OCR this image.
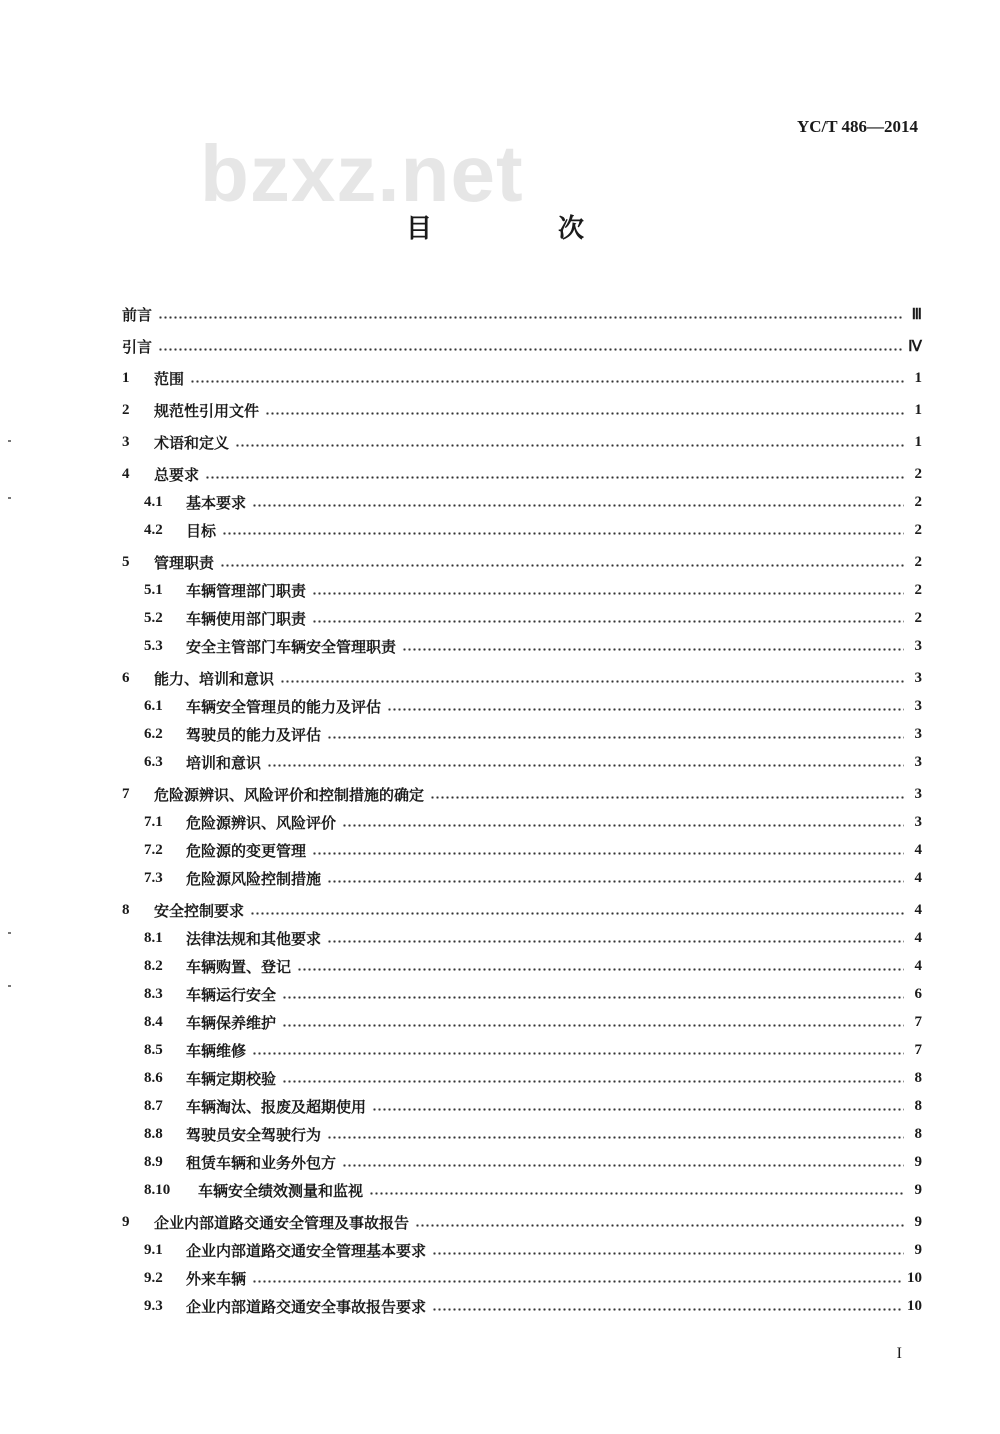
YC/T 486—2014
bzxz.net
目　次
前言	Ⅲ
引言	Ⅳ
1	范围	1
2	规范性引用文件	1
3	术语和定义	1
4	总要求	2
4.1	基本要求	2
4.2	目标	2
5	管理职责	2
5.1	车辆管理部门职责	2
5.2	车辆使用部门职责	2
5.3	安全主管部门车辆安全管理职责	3
6	能力、培训和意识	3
6.1	车辆安全管理员的能力及评估	3
6.2	驾驶员的能力及评估	3
6.3	培训和意识	3
7	危险源辨识、风险评价和控制措施的确定	3
7.1	危险源辨识、风险评价	3
7.2	危险源的变更管理	4
7.3	危险源风险控制措施	4
8	安全控制要求	4
8.1	法律法规和其他要求	4
8.2	车辆购置、登记	4
8.3	车辆运行安全	6
8.4	车辆保养维护	7
8.5	车辆维修	7
8.6	车辆定期校验	8
8.7	车辆淘汰、报废及超期使用	8
8.8	驾驶员安全驾驶行为	8
8.9	租赁车辆和业务外包方	9
8.10	车辆安全绩效测量和监视	9
9	企业内部道路交通安全管理及事故报告	9
9.1	企业内部道路交通安全管理基本要求	9
9.2	外来车辆	10
9.3	企业内部道路交通安全事故报告要求	10
I
